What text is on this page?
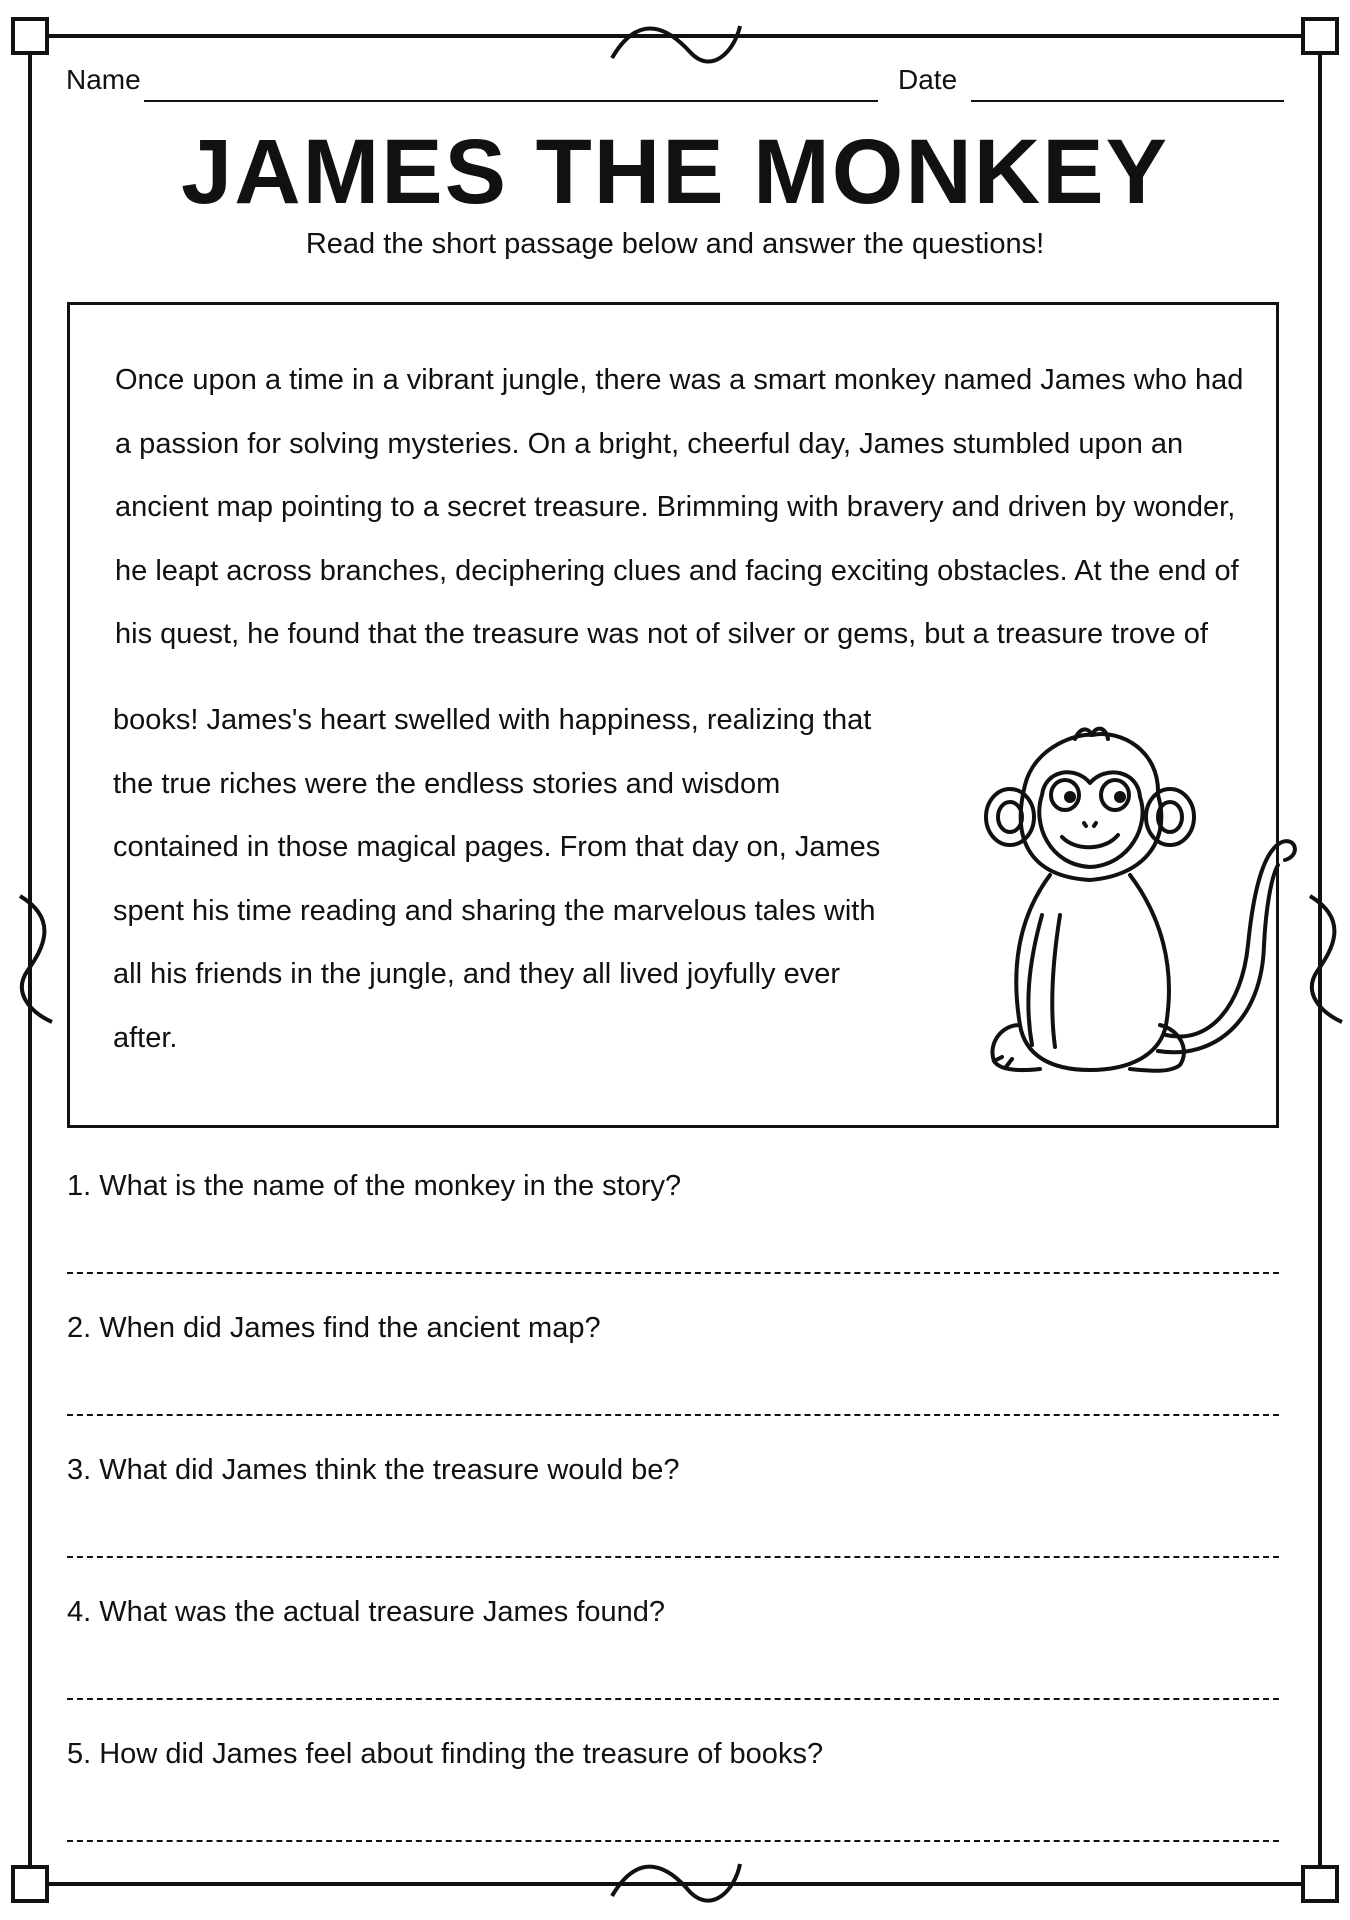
Name	Date
JAMES THE MONKEY
Read the short passage below and answer the questions!
Once upon a time in a vibrant jungle, there was a smart monkey named James who had a passion for solving mysteries. On a bright, cheerful day, James stumbled upon an ancient map pointing to a secret treasure. Brimming with bravery and driven by wonder, he leapt across branches, deciphering clues and facing exciting obstacles. At the end of his quest, he found that the treasure was not of silver or gems, but a treasure trove of
books! James's heart swelled with happiness, realizing that the true riches were the endless stories and wisdom contained in those magical pages. From that day on, James spent his time reading and sharing the marvelous tales with all his friends in the jungle, and they all lived joyfully ever after.
1. What is the name of the monkey in the story?
2. When did James find the ancient map?
3. What did James think the treasure would be?
4. What was the actual treasure James found?
5. How did James feel about finding the treasure of books?
